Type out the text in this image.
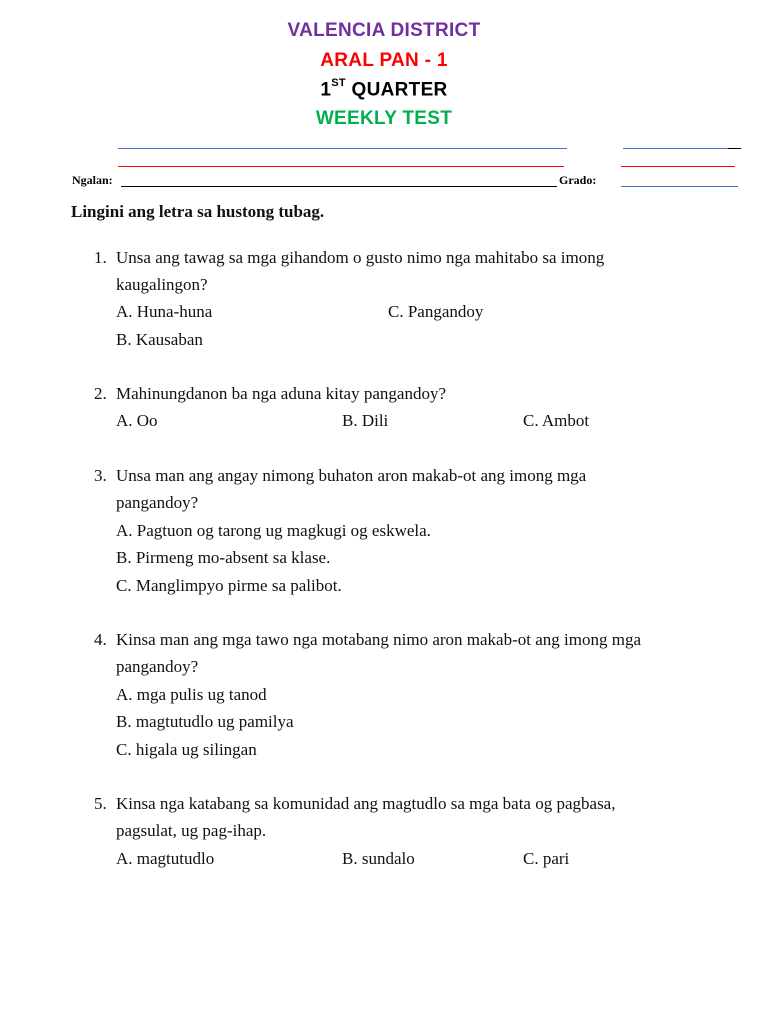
VALENCIA DISTRICT
ARAL PAN - 1
1ST QUARTER
WEEKLY TEST
Ngalan:	Grado:
Lingini ang letra sa hustong tubag.
1. Unsa ang tawag sa mga gihandom o gusto nimo nga mahitabo sa imong
kaugalingon?
A. Huna-huna	C. Pangandoy
B. Kausaban
2. Mahinungdanon ba nga aduna kitay pangandoy?
A. Oo	B. Dili	C. Ambot
3. Unsa man ang angay nimong buhaton aron makab-ot ang imong mga
pangandoy?
A. Pagtuon og tarong ug magkugi og eskwela.
B. Pirmeng mo-absent sa klase.
C. Manglimpyo pirme sa palibot.
4. Kinsa man ang mga tawo nga motabang nimo aron makab-ot ang imong mga
pangandoy?
A. mga pulis ug tanod
B. magtutudlo ug pamilya
C. higala ug silingan
5. Kinsa nga katabang sa komunidad ang magtudlo sa mga bata og pagbasa,
pagsulat, ug pag-ihap.
A. magtutudlo	B. sundalo	C. pari
